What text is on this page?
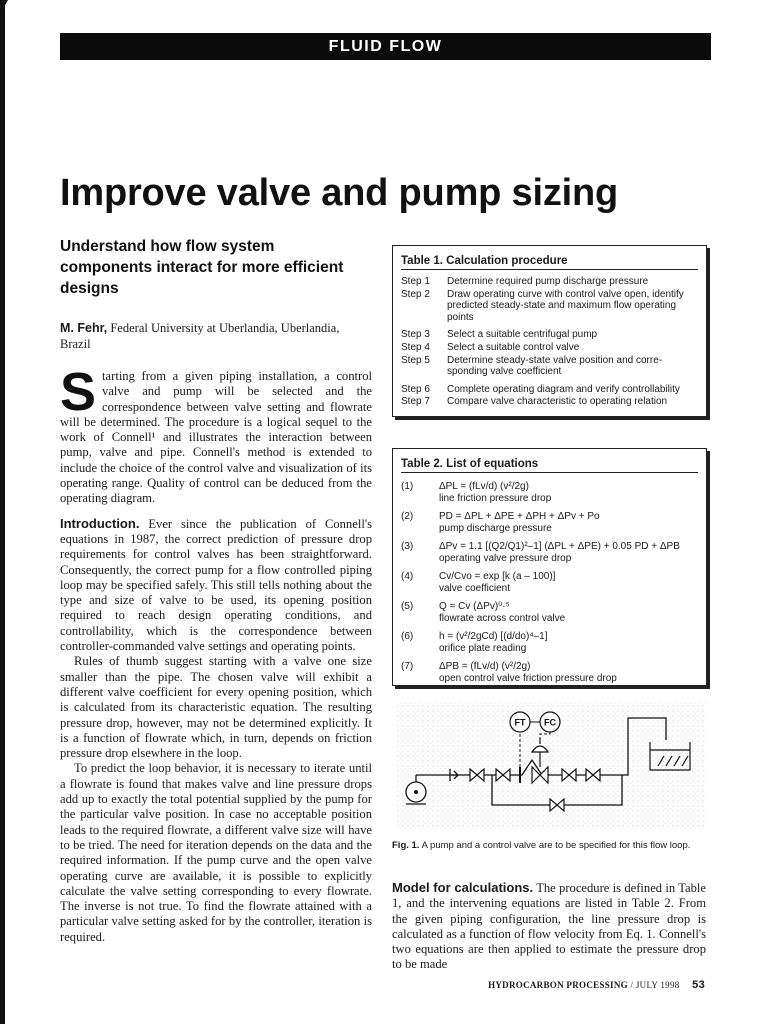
FLUID FLOW
Improve valve and pump sizing
Understand how flow system components interact for more efficient designs
M. Fehr, Federal University at Uberlandia, Uberlandia, Brazil

Starting from a given piping installation, a control valve and pump will be selected and the correspondence between valve setting and flowrate will be determined. The procedure is a logical sequel to the work of Connell¹ and illustrates the interaction between pump, valve and pipe. Connell's method is extended to include the choice of the control valve and visualization of its operating range. Quality of control can be deduced from the operating diagram.

Introduction. Ever since the publication of Connell's equations in 1987, the correct prediction of pressure drop requirements for control valves has been straightforward. Consequently, the correct pump for a flow controlled piping loop may be specified safely. This still tells nothing about the type and size of valve to be used, its opening position required to reach design operating conditions, and controllability, which is the correspondence between controller-commanded valve settings and operating points.

Rules of thumb suggest starting with a valve one size smaller than the pipe. The chosen valve will exhibit a different valve coefficient for every opening position, which is calculated from its characteristic equation. The resulting pressure drop, however, may not be determined explicitly. It is a function of flowrate which, in turn, depends on friction pressure drop elsewhere in the loop.

To predict the loop behavior, it is necessary to iterate until a flowrate is found that makes valve and line pressure drops add up to exactly the total potential supplied by the pump for the particular valve position. In case no acceptable position leads to the required flowrate, a different valve size will have to be tried. The need for iteration depends on the data and the required information. If the pump curve and the open valve operating curve are available, it is possible to explicitly calculate the valve setting corresponding to every flowrate. The inverse is not true. To find the flowrate attained with a particular valve setting asked for by the controller, iteration is required.

Table 1. Calculation procedure
Step 1	Determine required pump discharge pressure

Step 2	Draw operating curve with control valve open, identify
predicted steady-state and maximum flow operating
points

Step 3	Select a suitable centrifugal pump

Step 4	Select a suitable control valve

Step 5	Determine steady-state valve position and corre-
sponding valve coefficient

Step 6	Complete operating diagram and verify controllability

Step 7	Compare valve characteristic to operating relation
Table 2. List of equations
(1)	ΔPL = (fLv/d) (v²/2g)
line friction pressure drop
(2)	PD = ΔPL + ΔPE + ΔPH + ΔPv + Po
pump discharge pressure
(3)	ΔPv = 1.1 [(Q2/Q1)²–1] (ΔPL + ΔPE) + 0.05 PD + ΔPB
operating valve pressure drop
(4)	Cv/Cvo = exp [k (a – 100)]
valve coefficient
(5)	Q = Cv (ΔPv)⁰·⁵
flowrate across control valve
(6)	h = (v²/2gCd) [(d/do)⁴–1]
orifice plate reading
(7)	ΔPB = (fLv/d) (v²/2g)
open control valve friction pressure drop
FT FC
Fig. 1. A pump and a control valve are to be specified for this flow loop.

Model for calculations. The procedure is defined in Table 1, and the intervening equations are listed in Table 2. From the given piping configuration, the line pressure drop is calculated as a function of flow velocity from Eq. 1. Connell's two equations are then applied to estimate the pressure drop to be made

HYDROCARBON PROCESSING / JULY 1998 53
